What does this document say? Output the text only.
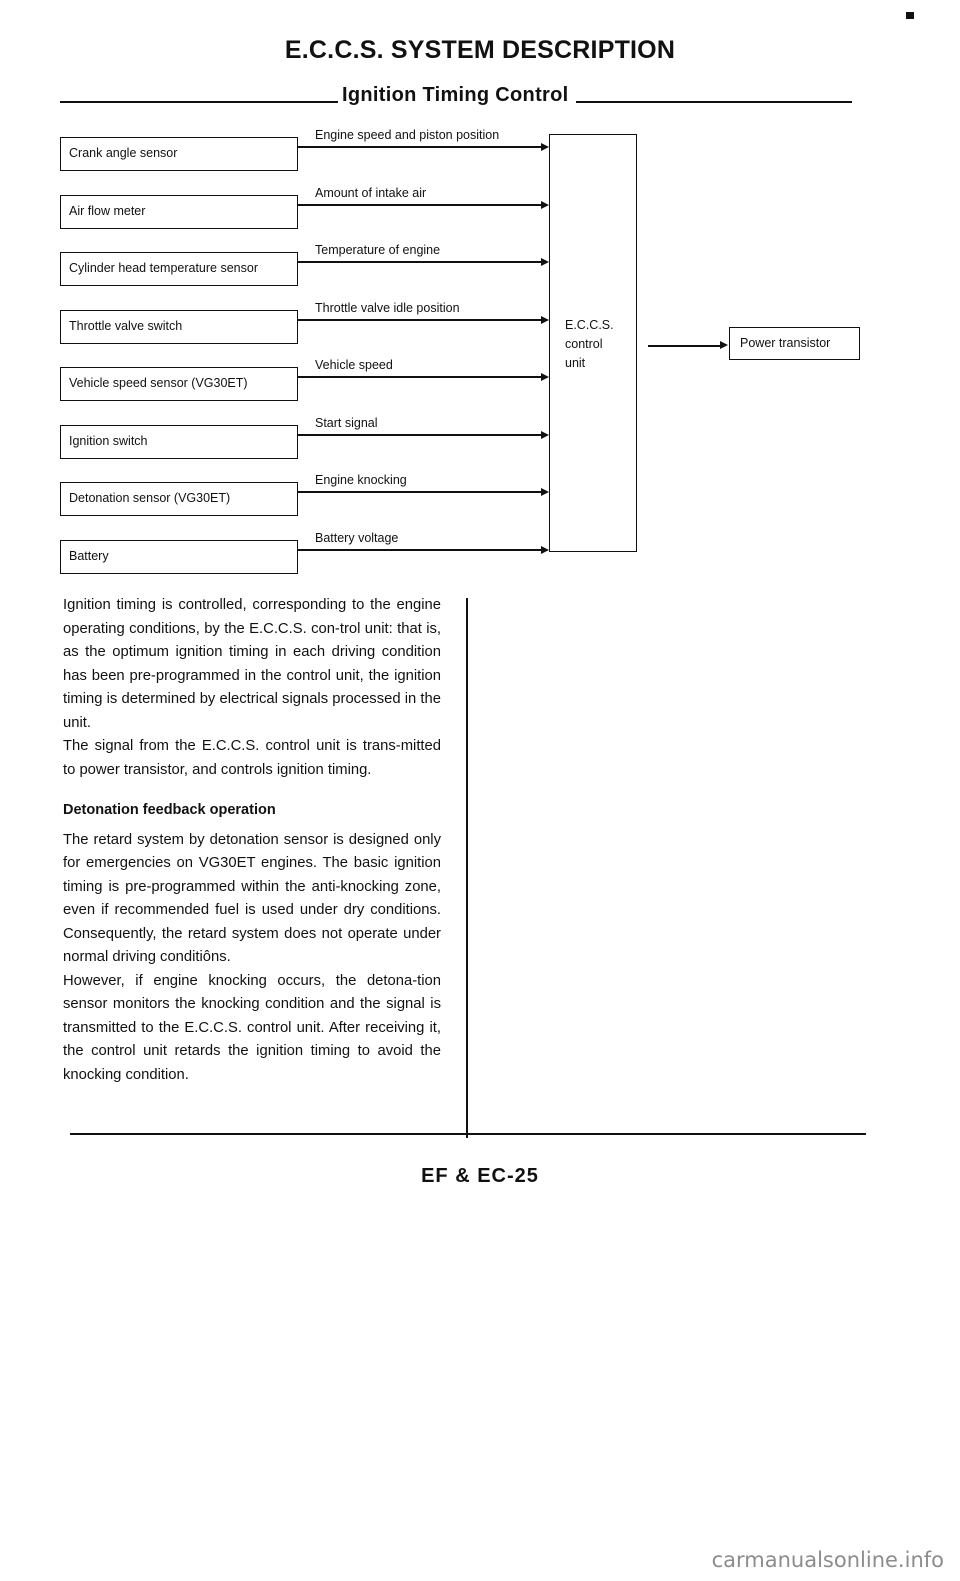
E.C.C.S. SYSTEM DESCRIPTION
Ignition Timing Control
E.C.C.S.
control
unit
Power transistor
Crank angle sensor
Engine speed and piston position
Air flow meter
Amount of intake air
Cylinder head temperature sensor
Temperature of engine
Throttle valve switch
Throttle valve idle position
Vehicle speed sensor (VG30ET)
Vehicle speed
Ignition switch
Start signal
Detonation sensor (VG30ET)
Engine knocking
Battery
Battery voltage

Ignition timing is controlled, corresponding to the engine operating conditions, by the E.C.C.S. con-trol unit: that is, as the optimum ignition timing in each driving condition has been pre-programmed in the control unit, the ignition timing is determined by electrical signals processed in the unit.

The signal from the E.C.C.S. control unit is trans-mitted to power transistor, and controls ignition timing.

Detonation feedback operation

The retard system by detonation sensor is designed only for emergencies on VG30ET engines. The basic ignition timing is pre-programmed within the anti-knocking zone, even if recommended fuel is used under dry conditions. Consequently, the retard system does not operate under normal driving conditiôns.

However, if engine knocking occurs, the detona-tion sensor monitors the knocking condition and the signal is transmitted to the E.C.C.S. control unit. After receiving it, the control unit retards the ignition timing to avoid the knocking condition.

EF & EC-25
carmanualsonline.info
